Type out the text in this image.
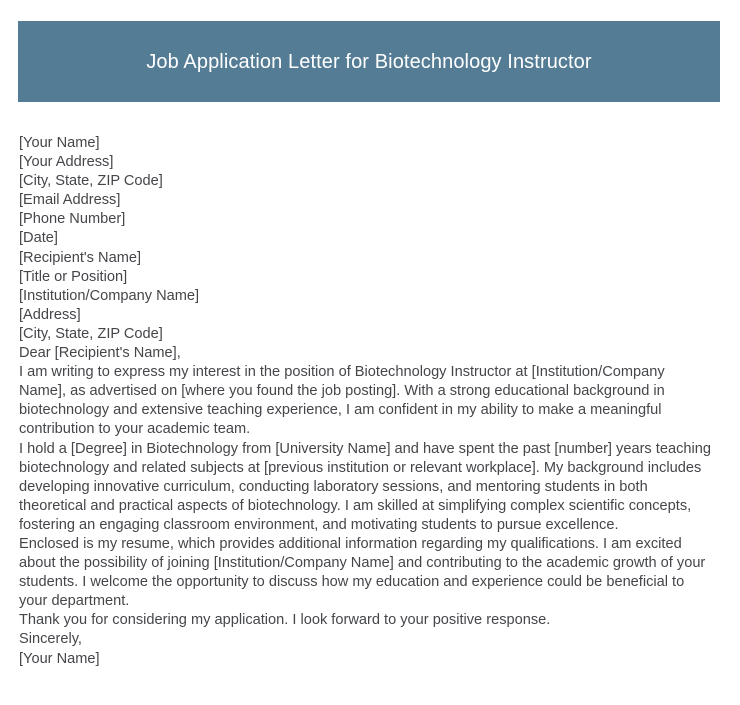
Job Application Letter for Biotechnology Instructor
[Your Name]
[Your Address]
[City, State, ZIP Code]
[Email Address]
[Phone Number]
[Date]
[Recipient's Name]
[Title or Position]
[Institution/Company Name]
[Address]
[City, State, ZIP Code]
Dear [Recipient's Name],
I am writing to express my interest in the position of Biotechnology Instructor at [Institution/Company Name], as advertised on [where you found the job posting]. With a strong educational background in biotechnology and extensive teaching experience, I am confident in my ability to make a meaningful contribution to your academic team.
I hold a [Degree] in Biotechnology from [University Name] and have spent the past [number] years teaching biotechnology and related subjects at [previous institution or relevant workplace]. My background includes developing innovative curriculum, conducting laboratory sessions, and mentoring students in both theoretical and practical aspects of biotechnology. I am skilled at simplifying complex scientific concepts, fostering an engaging classroom environment, and motivating students to pursue excellence.
Enclosed is my resume, which provides additional information regarding my qualifications. I am excited about the possibility of joining [Institution/Company Name] and contributing to the academic growth of your students. I welcome the opportunity to discuss how my education and experience could be beneficial to your department.
Thank you for considering my application. I look forward to your positive response.
Sincerely,
[Your Name]
